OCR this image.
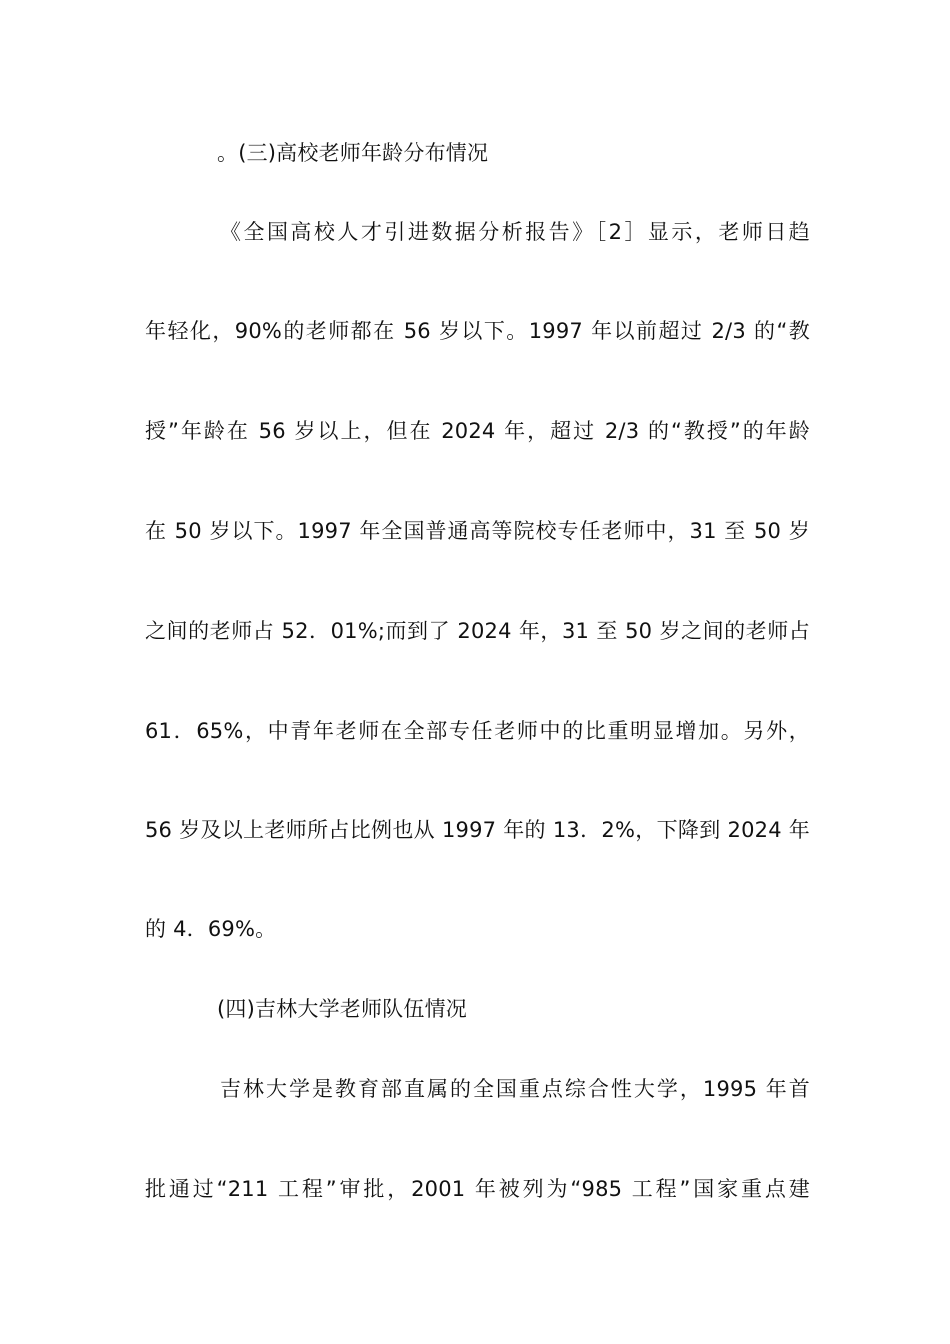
。(三)高校老师年龄分布情况
《全国高校人才引进数据分析报告》［2］显示，老师日趋
年轻化，90%的老师都在 56 岁以下。1997 年以前超过 2/3 的“教
授”年龄在 56 岁以上，但在 2024 年，超过 2/3 的“教授”的年龄
在 50 岁以下。1997 年全国普通高等院校专任老师中，31 至 50 岁
之间的老师占 52．01%;而到了 2024 年，31 至 50 岁之间的老师占
61．65%，中青年老师在全部专任老师中的比重明显增加。另外，
56 岁及以上老师所占比例也从 1997 年的 13．2%，下降到 2024 年
的 4．69%。
(四)吉林大学老师队伍情况
吉林大学是教育部直属的全国重点综合性大学，1995 年首
批通过“211 工程”审批，2001 年被列为“985 工程”国家重点建
